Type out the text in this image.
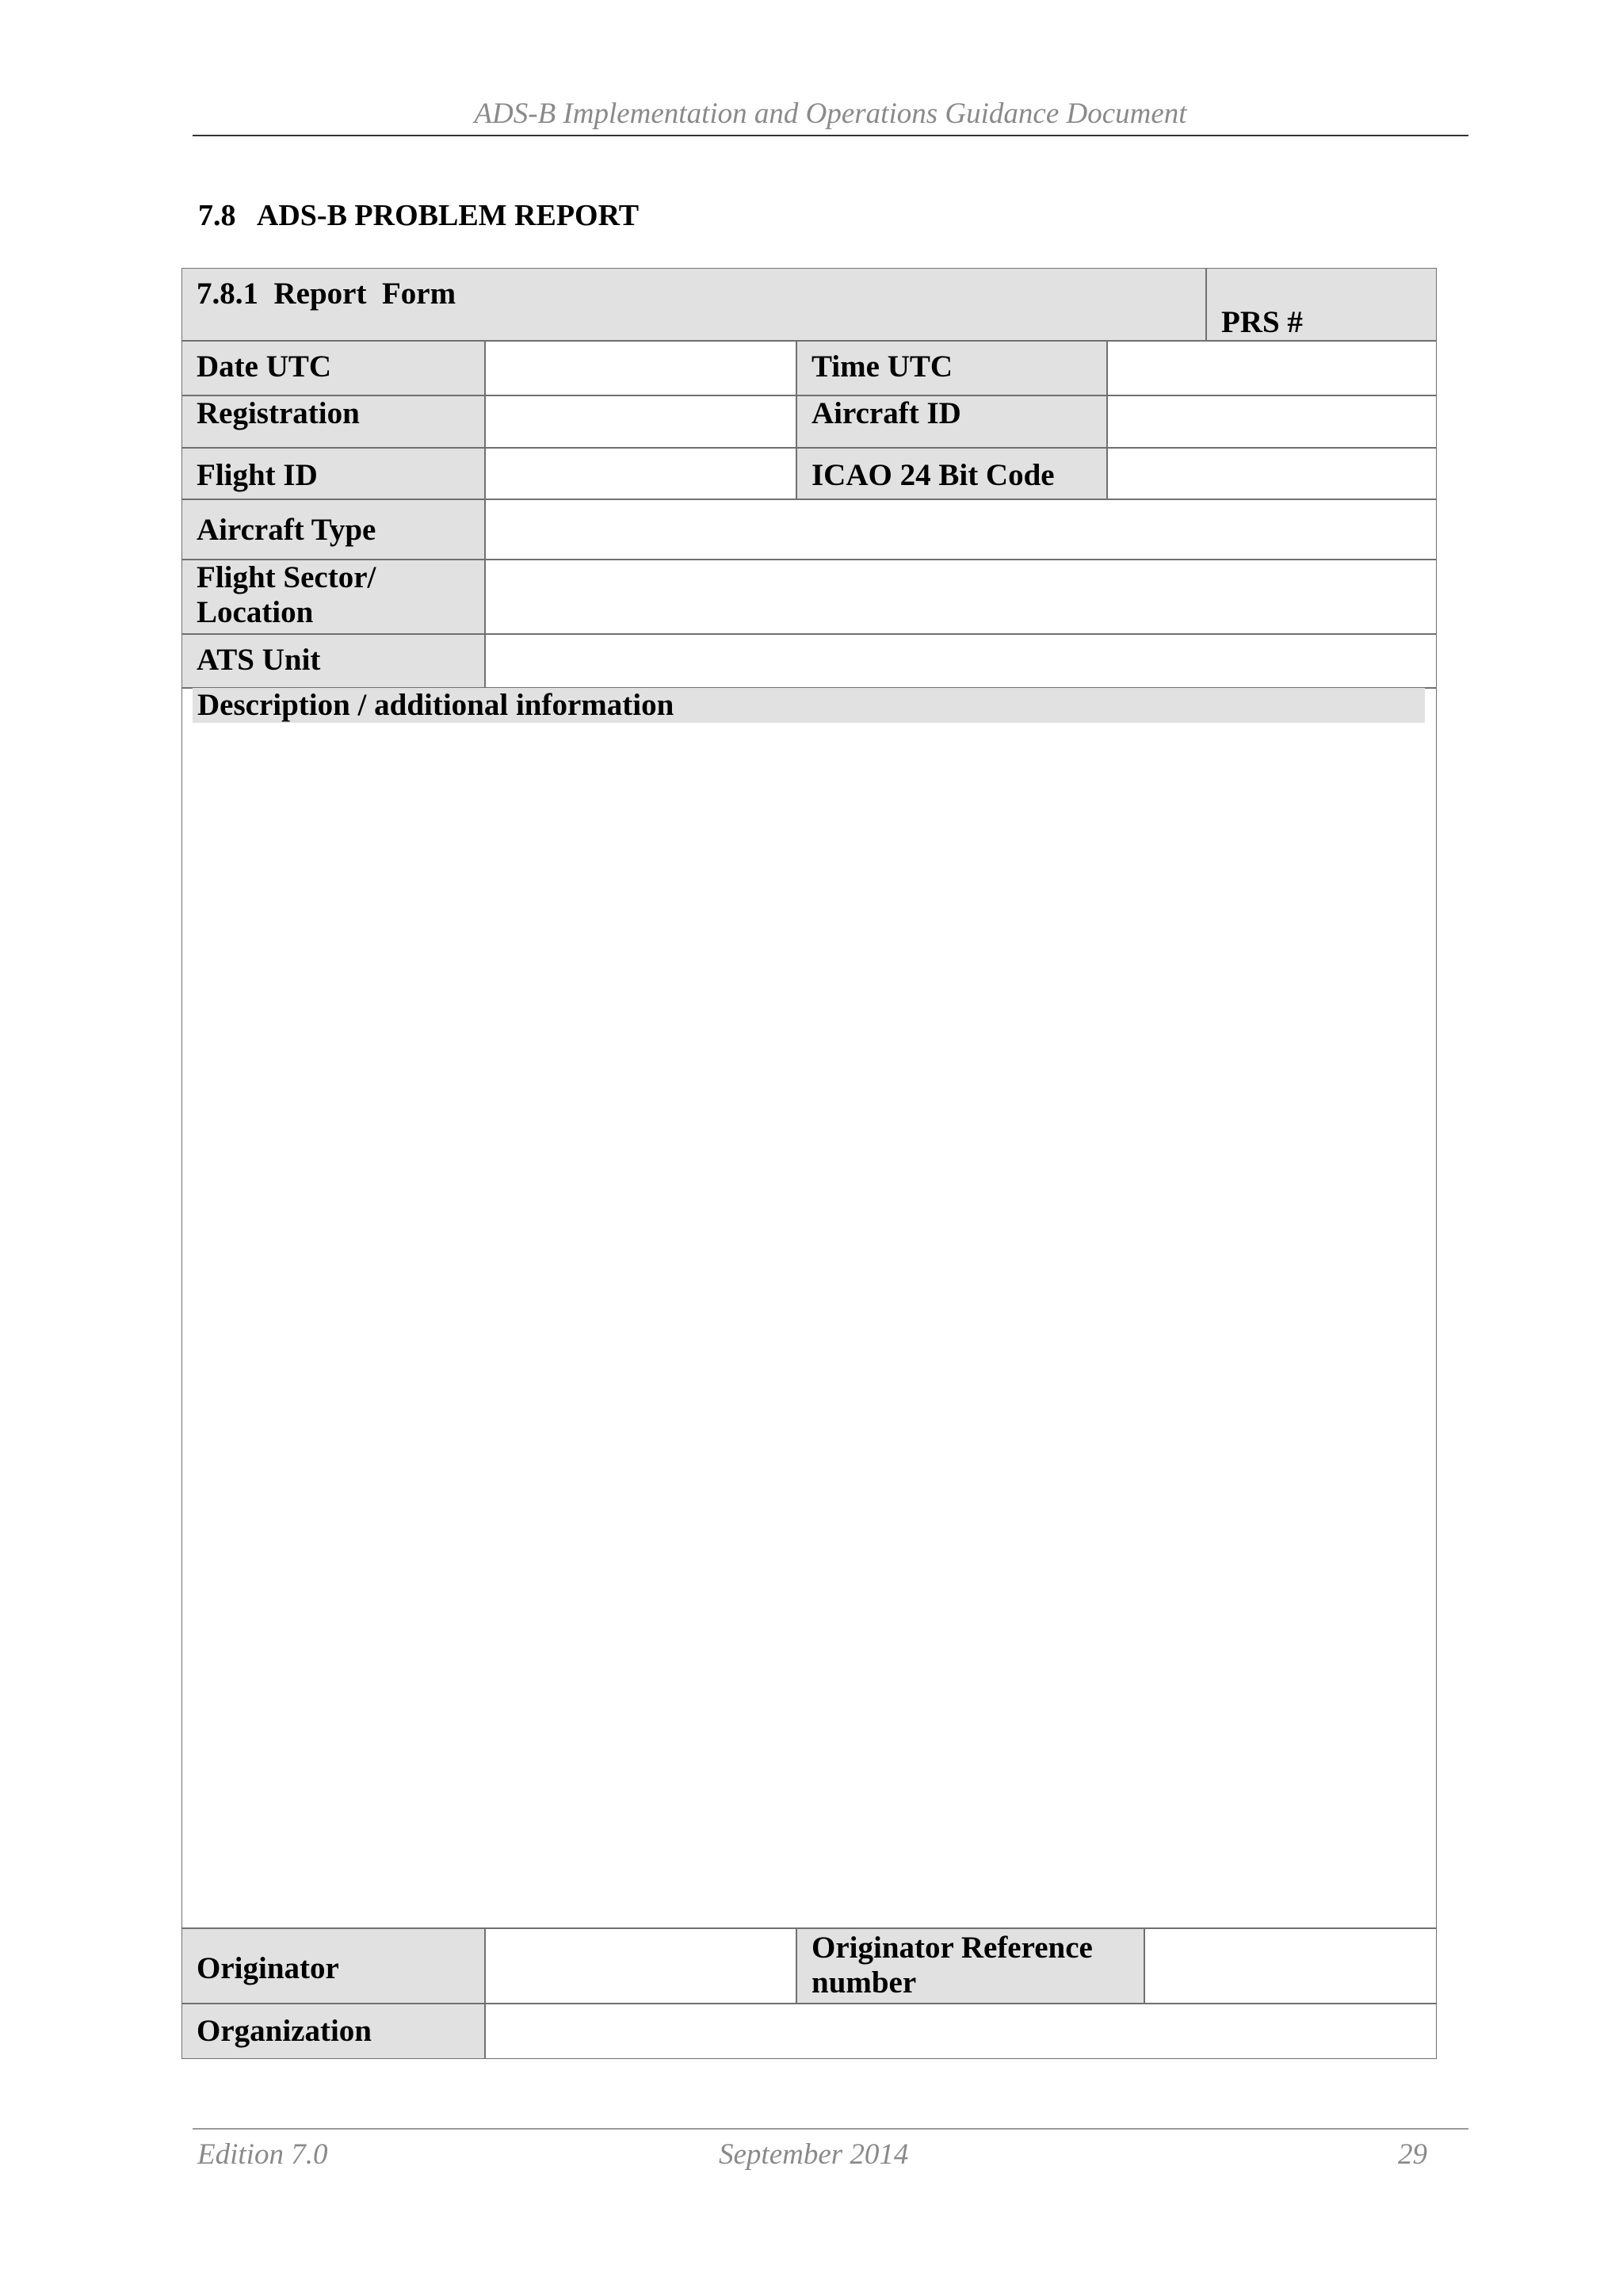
ADS-B Implementation and Operations Guidance Document
7.8 ADS-B PROBLEM REPORT
7.8.1  Report  Form
PRS #
Date UTC	Time UTC
Registration	Aircraft ID
Flight ID	ICAO 24 Bit Code
Aircraft Type
Flight Sector/
Location
ATS Unit
Description / additional information
Originator
Originator Reference
number
Organization
Edition 7.0	September 2014	29
